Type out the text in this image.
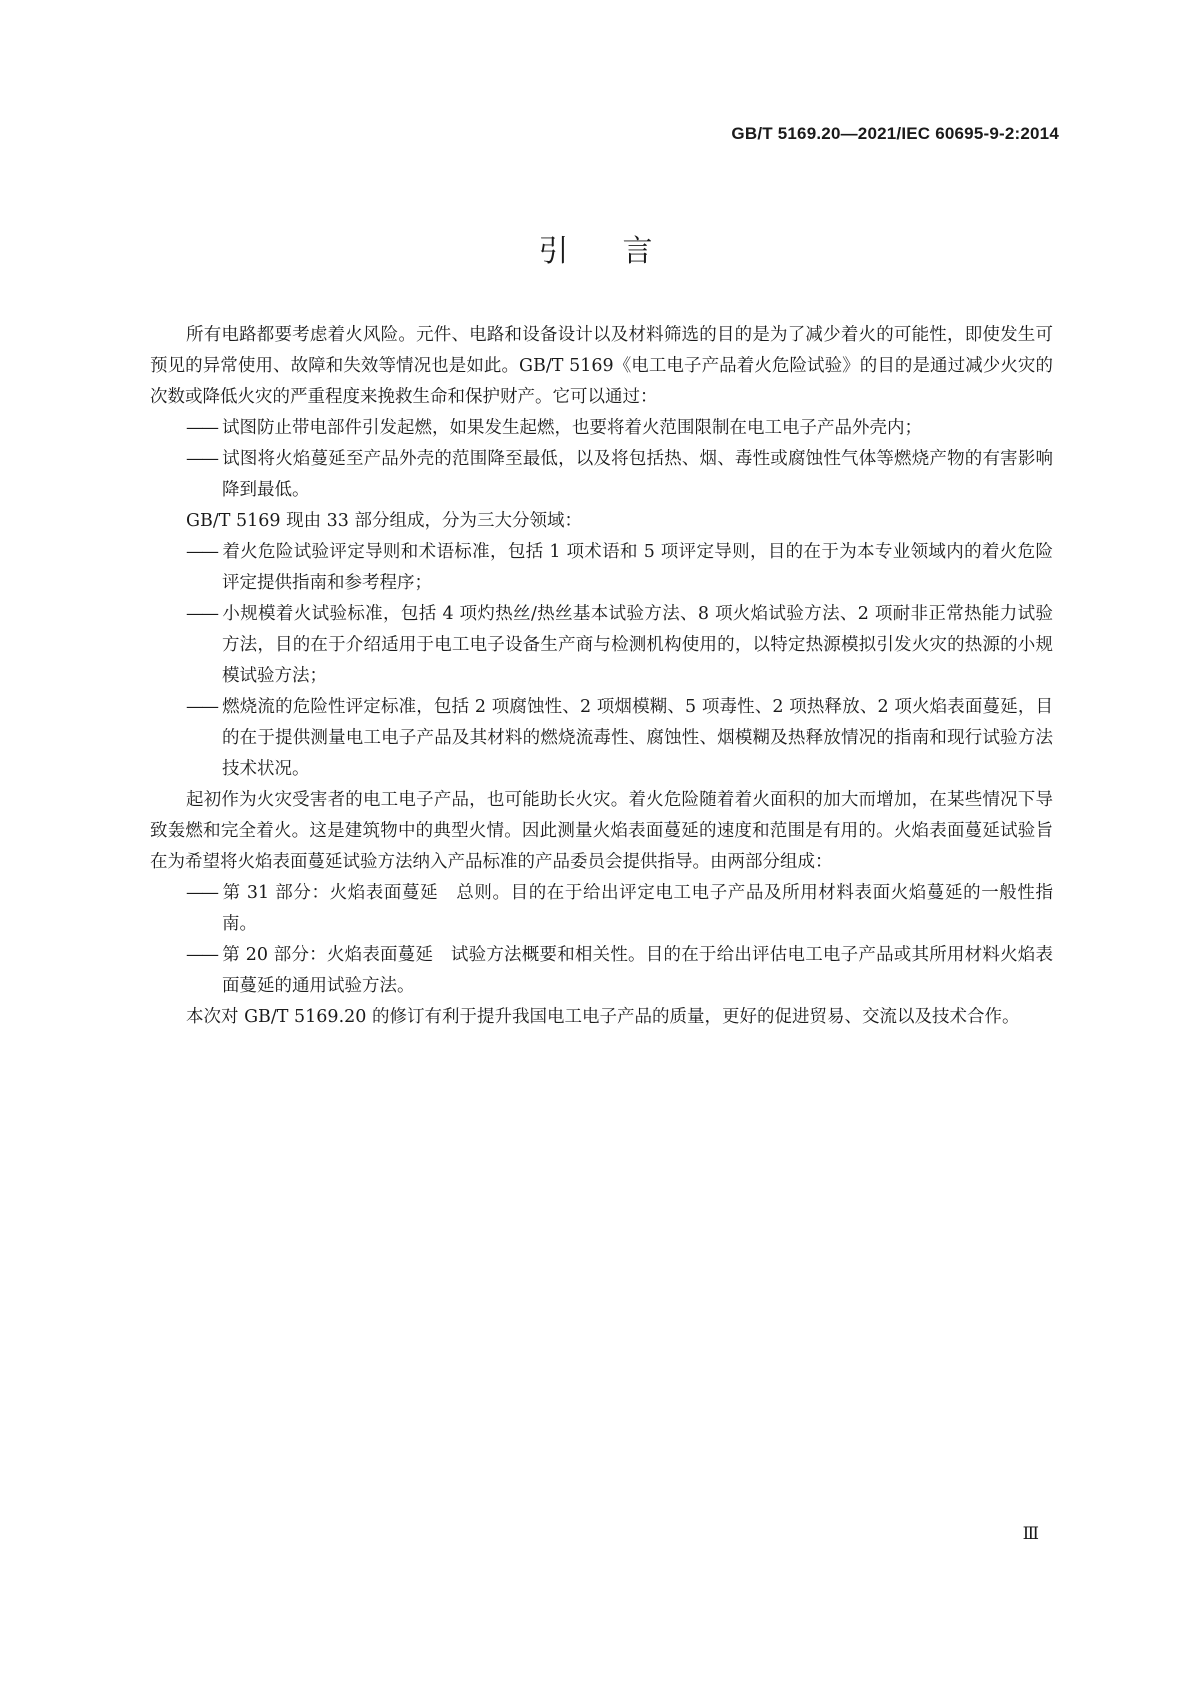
GB/T 5169.20—2021/IEC 60695-9-2:2014
引言

所有电路都要考虑着火风险。元件、电路和设备设计以及材料筛选的目的是为了减少着火的可能性，即使发生可预见的异常使用、故障和失效等情况也是如此。GB/T 5169《电工电子产品着火危险试验》的目的是通过减少火灾的次数或降低火灾的严重程度来挽救生命和保护财产。它可以通过：

—— 试图防止带电部件引发起燃，如果发生起燃，也要将着火范围限制在电工电子产品外壳内；

—— 试图将火焰蔓延至产品外壳的范围降至最低，以及将包括热、烟、毒性或腐蚀性气体等燃烧产物的有害影响降到最低。

GB/T 5169 现由 33 部分组成，分为三大分领域：

—— 着火危险试验评定导则和术语标准，包括 1 项术语和 5 项评定导则，目的在于为本专业领域内的着火危险评定提供指南和参考程序；

—— 小规模着火试验标准，包括 4 项灼热丝/热丝基本试验方法、8 项火焰试验方法、2 项耐非正常热能力试验方法，目的在于介绍适用于电工电子设备生产商与检测机构使用的，以特定热源模拟引发火灾的热源的小规模试验方法；

—— 燃烧流的危险性评定标准，包括 2 项腐蚀性、2 项烟模糊、5 项毒性、2 项热释放、2 项火焰表面蔓延，目的在于提供测量电工电子产品及其材料的燃烧流毒性、腐蚀性、烟模糊及热释放情况的指南和现行试验方法技术状况。

起初作为火灾受害者的电工电子产品，也可能助长火灾。着火危险随着着火面积的加大而增加，在某些情况下导致轰燃和完全着火。这是建筑物中的典型火情。因此测量火焰表面蔓延的速度和范围是有用的。火焰表面蔓延试验旨在为希望将火焰表面蔓延试验方法纳入产品标准的产品委员会提供指导。由两部分组成：

—— 第 31 部分：火焰表面蔓延　总则。目的在于给出评定电工电子产品及所用材料表面火焰蔓延的一般性指南。

—— 第 20 部分：火焰表面蔓延　试验方法概要和相关性。目的在于给出评估电工电子产品或其所用材料火焰表面蔓延的通用试验方法。

本次对 GB/T 5169.20 的修订有利于提升我国电工电子产品的质量，更好的促进贸易、交流以及技术合作。

Ⅲ
